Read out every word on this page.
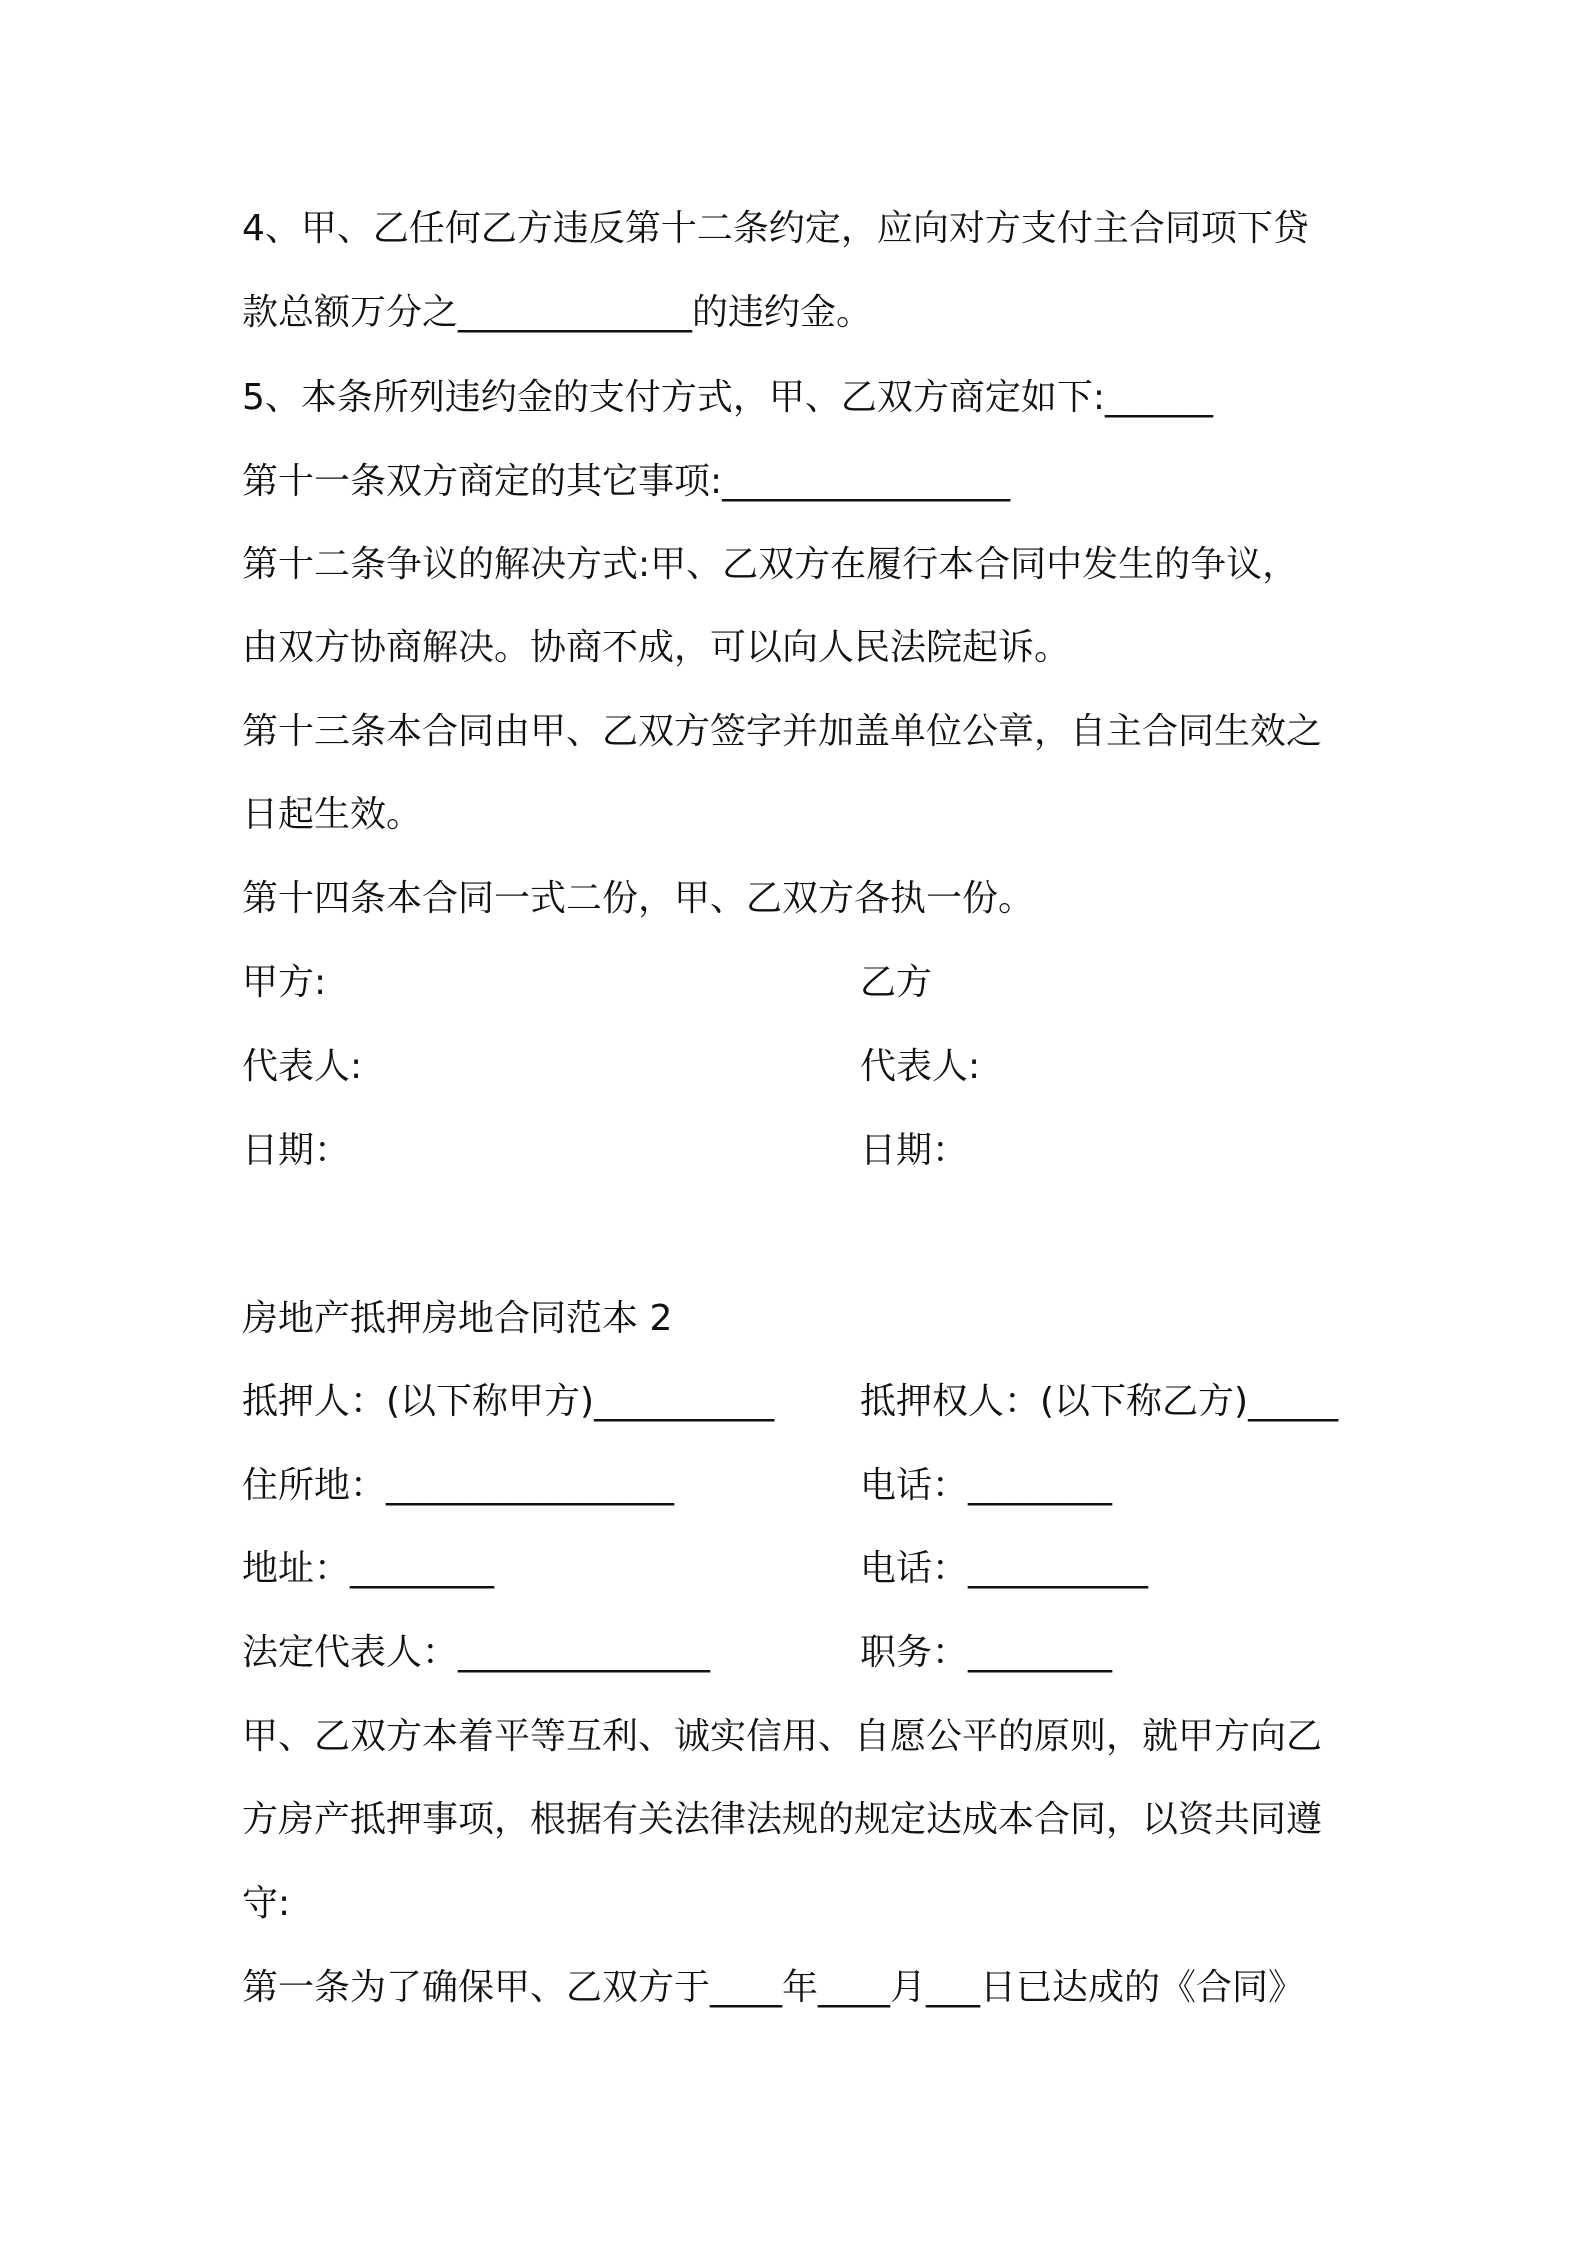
4、甲、乙任何乙方违反第十二条约定，应向对方支付主合同项下贷
款总额万分之_____________的违约金。
5、本条所列违约金的支付方式，甲、乙双方商定如下:______
第十一条双方商定的其它事项:________________
第十二条争议的解决方式:甲、乙双方在履行本合同中发生的争议，
由双方协商解决。协商不成，可以向人民法院起诉。
第十三条本合同由甲、乙双方签字并加盖单位公章，自主合同生效之
日起生效。
第十四条本合同一式二份，甲、乙双方各执一份。
甲方:	乙方
代表人:	代表人:
日期：	日期：
房地产抵押房地合同范本 2
抵押人：(以下称甲方)__________ 抵押权人：(以下称乙方)_____
住所地：________________	电话：________
地址：________	电话：__________
法定代表人：______________	职务：________
甲、乙双方本着平等互利、诚实信用、自愿公平的原则，就甲方向乙
方房产抵押事项，根据有关法律法规的规定达成本合同，以资共同遵
守:
第一条为了确保甲、乙双方于____年____月___日已达成的《合同》
